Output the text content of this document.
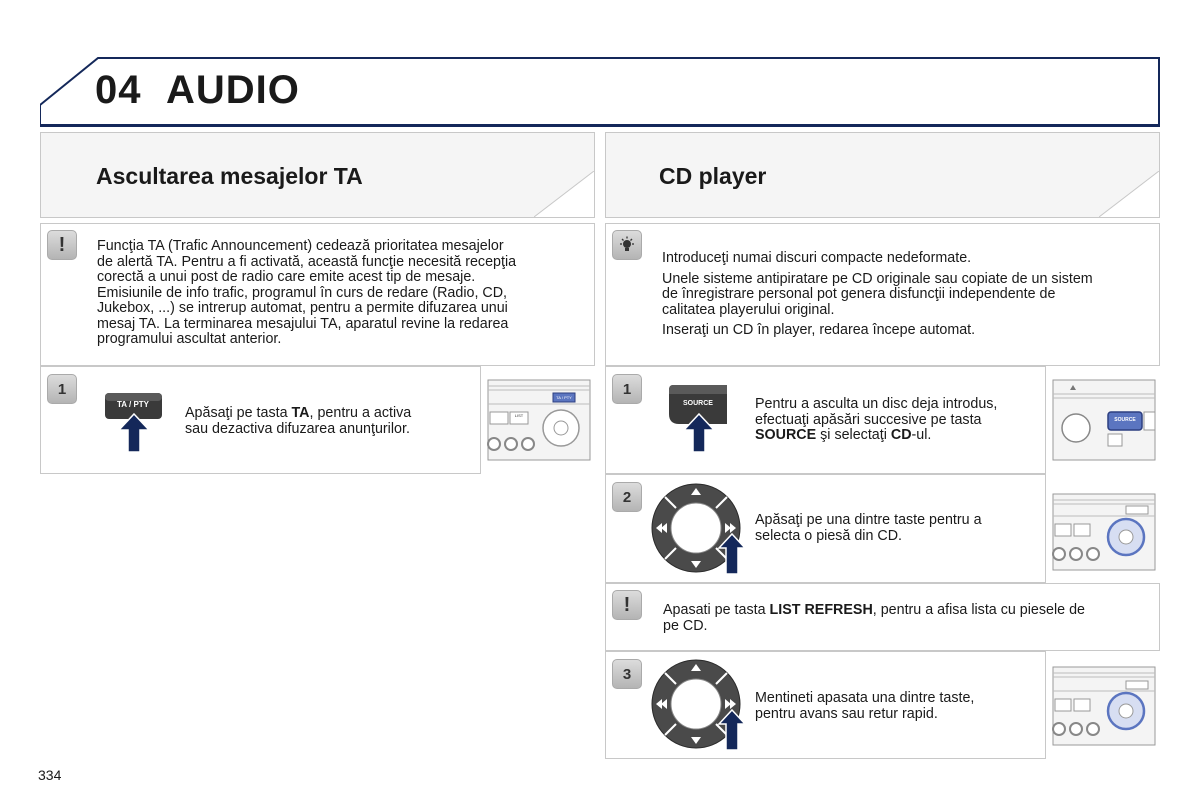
04 AUDIO
Ascultarea mesajelor TA
!	Funcţia TA (Trafic Announcement) cedează prioritatea mesajelor
de alertă TA. Pentru a fi activată, această funcţie necesită recepţia
corectă a unui post de radio care emite acest tip de mesaje.
Emisiunile de info trafic, programul în curs de redare (Radio, CD,
Jukebox, ...) se intrerup automat, pentru a permite difuzarea unui
mesaj TA. La terminarea mesajului TA, aparatul revine la redarea
programului ascultat anterior.
1
TA / PTY
Apăsaţi pe tasta TA, pentru a activa
sau dezactiva difuzarea anunţurilor.
TA / PTY
LIST
CD player
Introduceţi numai discuri compacte nedeformate.
Unele sisteme antipiratare pe CD originale sau copiate de un sistem
de înregistrare personal pot genera disfuncţii independente de
calitatea playerului original.
Inseraţi un CD în player, redarea începe automat.
1
SOURCE	Pentru a asculta un disc deja introdus,
efectuaţi apăsări succesive pe tasta
SOURCE şi selectaţi CD-ul.
SOURCE
2
Apăsaţi pe una dintre taste pentru a
selecta o piesă din CD.
!	Apasati pe tasta LIST REFRESH, pentru a afisa lista cu piesele de
pe CD.
3
Mentineti apasata una dintre taste,
pentru avans sau retur rapid.
334
